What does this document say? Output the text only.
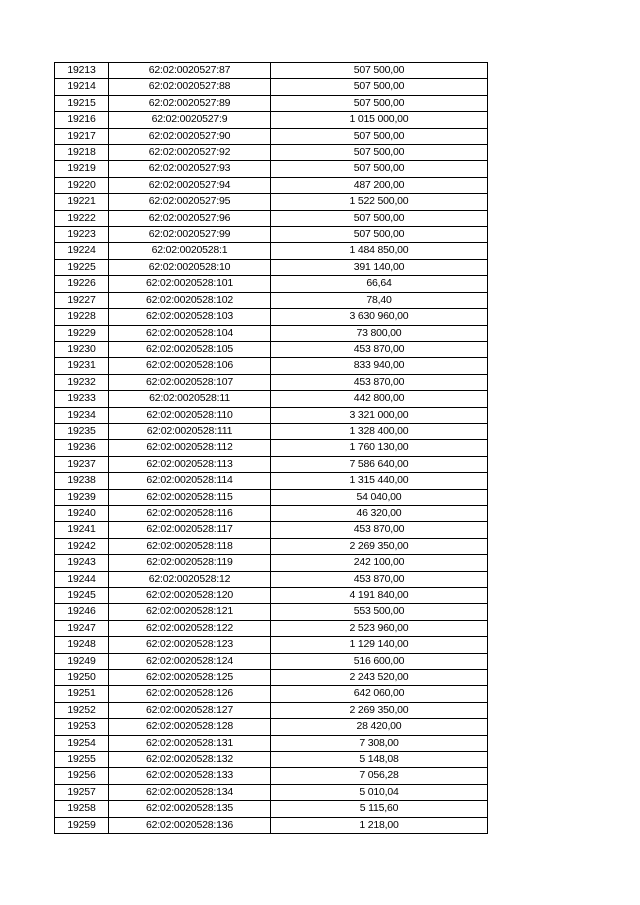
19213	62:02:0020527:87	507 500,00
19214	62:02:0020527:88	507 500,00
19215	62:02:0020527:89	507 500,00
19216	62:02:0020527:9	1 015 000,00
19217	62:02:0020527:90	507 500,00
19218	62:02:0020527:92	507 500,00
19219	62:02:0020527:93	507 500,00
19220	62:02:0020527:94	487 200,00
19221	62:02:0020527:95	1 522 500,00
19222	62:02:0020527:96	507 500,00
19223	62:02:0020527:99	507 500,00
19224	62:02:0020528:1	1 484 850,00
19225	62:02:0020528:10	391 140,00
19226	62:02:0020528:101	66,64
19227	62:02:0020528:102	78,40
19228	62:02:0020528:103	3 630 960,00
19229	62:02:0020528:104	73 800,00
19230	62:02:0020528:105	453 870,00
19231	62:02:0020528:106	833 940,00
19232	62:02:0020528:107	453 870,00
19233	62:02:0020528:11	442 800,00
19234	62:02:0020528:110	3 321 000,00
19235	62:02:0020528:111	1 328 400,00
19236	62:02:0020528:112	1 760 130,00
19237	62:02:0020528:113	7 586 640,00
19238	62:02:0020528:114	1 315 440,00
19239	62:02:0020528:115	54 040,00
19240	62:02:0020528:116	46 320,00
19241	62:02:0020528:117	453 870,00
19242	62:02:0020528:118	2 269 350,00
19243	62:02:0020528:119	242 100,00
19244	62:02:0020528:12	453 870,00
19245	62:02:0020528:120	4 191 840,00
19246	62:02:0020528:121	553 500,00
19247	62:02:0020528:122	2 523 960,00
19248	62:02:0020528:123	1 129 140,00
19249	62:02:0020528:124	516 600,00
19250	62:02:0020528:125	2 243 520,00
19251	62:02:0020528:126	642 060,00
19252	62:02:0020528:127	2 269 350,00
19253	62:02:0020528:128	28 420,00
19254	62:02:0020528:131	7 308,00
19255	62:02:0020528:132	5 148,08
19256	62:02:0020528:133	7 056,28
19257	62:02:0020528:134	5 010,04
19258	62:02:0020528:135	5 115,60
19259	62:02:0020528:136	1 218,00
